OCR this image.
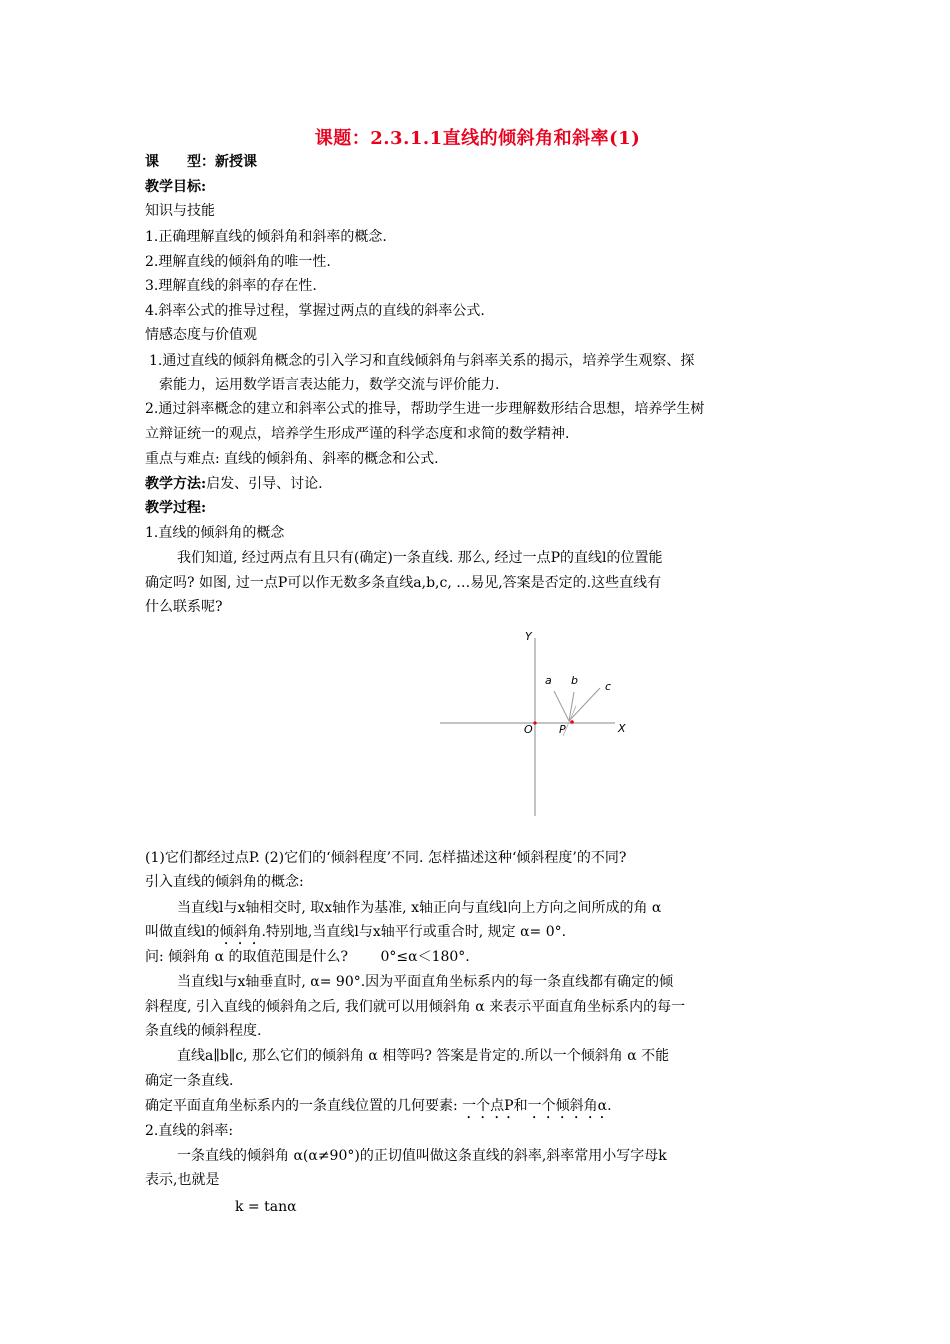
课题：2.3.1.1直线的倾斜角和斜率(1)
课　　型：新授课
教学目标:
知识与技能
1.正确理解直线的倾斜角和斜率的概念.
2.理解直线的倾斜角的唯一性.
3.理解直线的斜率的存在性.
4.斜率公式的推导过程，掌握过两点的直线的斜率公式.
情感态度与价值观
1.通过直线的倾斜角概念的引入学习和直线倾斜角与斜率关系的揭示，培养学生观察、探
索能力，运用数学语言表达能力，数学交流与评价能力.
2.通过斜率概念的建立和斜率公式的推导，帮助学生进一步理解数形结合思想，培养学生树
立辩证统一的观点，培养学生形成严谨的科学态度和求简的数学精神.
重点与难点: 直线的倾斜角、斜率的概念和公式.
教学方法:启发、引导、讨论.
教学过程:
1.直线的倾斜角的概念
我们知道, 经过两点有且只有(确定)一条直线. 那么, 经过一点P的直线l的位置能
确定吗? 如图, 过一点P可以作无数多条直线a,b,c, …易见,答案是否定的.这些直线有
什么联系呢?
Y
X
O P
a b c
(1)它们都经过点P. (2)它们的‘倾斜程度’不同. 怎样描述这种‘倾斜程度’的不同?
引入直线的倾斜角的概念:
当直线l与x轴相交时, 取x轴作为基准, x轴正向与直线l向上方向之间所成的角 α
叫做直线l的倾斜角.特别地,当直线l与x轴平行或重合时, 规定 α= 0°.
问: 倾斜角 α 的取值范围是什么?　　 0°≤α＜180°.
当直线l与x轴垂直时, α= 90°.因为平面直角坐标系内的每一条直线都有确定的倾
斜程度, 引入直线的倾斜角之后, 我们就可以用倾斜角 α 来表示平面直角坐标系内的每一
条直线的倾斜程度.
直线a∥b∥c, 那么它们的倾斜角 α 相等吗? 答案是肯定的.所以一个倾斜角 α 不能
确定一条直线.
确定平面直角坐标系内的一条直线位置的几何要素: 一个点P和一个倾斜角α.
2.直线的斜率:
一条直线的倾斜角 α(α≠90°)的正切值叫做这条直线的斜率,斜率常用小写字母k
表示,也就是
k = tanα
